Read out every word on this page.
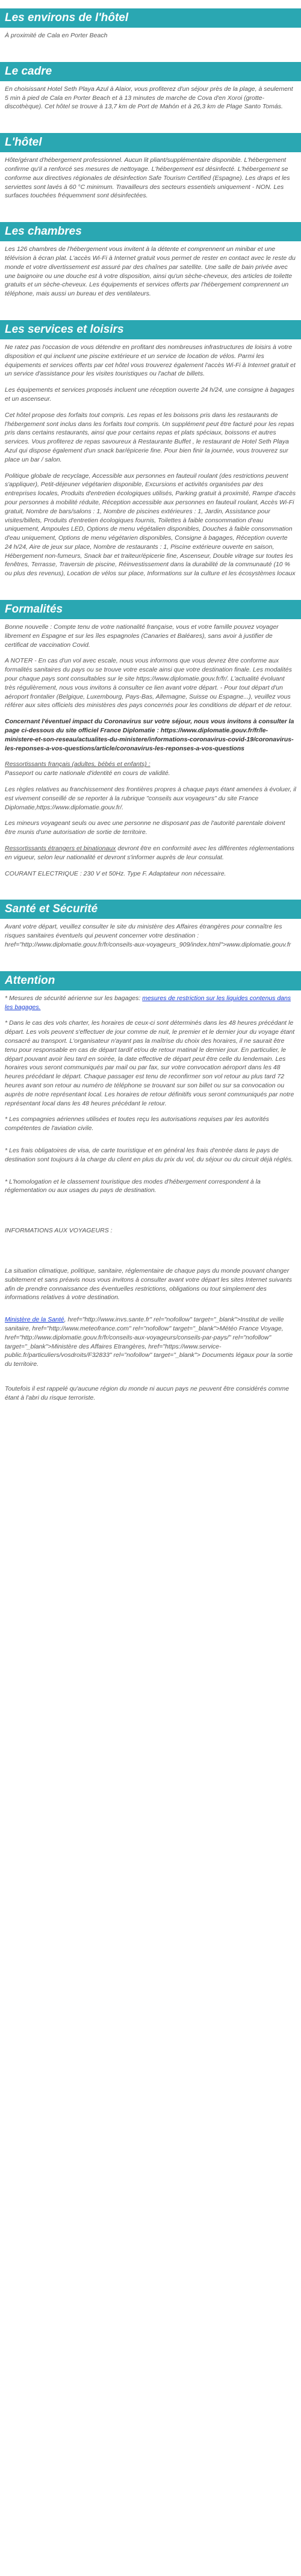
Les environs de l'hôtel

À proximité de Cala en Porter Beach

Le cadre

En choisissant Hotel Seth Playa Azul à Alaior, vous profiterez d'un séjour près de la plage, à seulement 5 min à pied de Cala en Porter Beach et à 13 minutes de marche de Cova d'en Xoroi (grotte-discothèque). Cet hôtel se trouve à 13,7 km de Port de Mahón et à 26,3 km de Plage Santo Tomás.

L'hôtel

Hôte/gérant d'hébergement professionnel. Aucun lit pliant/supplémentaire disponible. L'hébergement confirme qu'il a renforcé ses mesures de nettoyage. L'hébergement est désinfecté. L'hébergement se conforme aux directives régionales de désinfection Safe Tourism Certified (Espagne). Les draps et les serviettes sont lavés à 60 °C minimum. Travailleurs des secteurs essentiels uniquement - NON. Les surfaces touchées fréquemment sont désinfectées.

Les chambres

Les 126 chambres de l'hébergement vous invitent à la détente et comprennent un minibar et une télévision à écran plat. L'accès Wi-Fi à Internet gratuit vous permet de rester en contact avec le reste du monde et votre divertissement est assuré par des chaînes par satellite. Une salle de bain privée avec une baignoire ou une douche est à votre disposition, ainsi qu'un sèche-cheveux, des articles de toilette gratuits et un sèche-cheveux. Les équipements et services offerts par l'hébergement comprennent un téléphone, mais aussi un bureau et des ventilateurs.

Les services et loisirs

Ne ratez pas l'occasion de vous détendre en profitant des nombreuses infrastructures de loisirs à votre disposition et qui incluent une piscine extérieure et un service de location de vélos. Parmi les équipements et services offerts par cet hôtel vous trouverez également l'accès Wi-Fi à Internet gratuit et un service d'assistance pour les visites touristiques ou l'achat de billets.

Les équipements et services proposés incluent une réception ouverte 24 h/24, une consigne à bagages et un ascenseur.

Cet hôtel propose des forfaits tout compris. Les repas et les boissons pris dans les restaurants de l'hébergement sont inclus dans les forfaits tout compris. Un supplément peut être facturé pour les repas pris dans certains restaurants, ainsi que pour certains repas et plats spéciaux, boissons et autres services. Vous profiterez de repas savoureux à Restaurante Buffet , le restaurant de Hotel Seth Playa Azul qui dispose également d'un snack bar/épicerie fine. Pour bien finir la journée, vous trouverez sur place un bar / salon.

Politique globale de recyclage, Accessible aux personnes en fauteuil roulant (des restrictions peuvent s'appliquer), Petit-déjeuner végétarien disponible, Excursions et activités organisées par des entreprises locales, Produits d'entretien écologiques utilisés, Parking gratuit à proximité, Rampe d'accès pour personnes à mobilité réduite, Réception accessible aux personnes en fauteuil roulant, Accès Wi-Fi gratuit, Nombre de bars/salons : 1, Nombre de piscines extérieures : 1, Jardin, Assistance pour visites/billets, Produits d'entretien écologiques fournis, Toilettes à faible consommation d'eau uniquement, Ampoules LED, Options de menu végétalien disponibles, Douches à faible consommation d'eau uniquement, Options de menu végétarien disponibles, Consigne à bagages, Réception ouverte 24 h/24, Aire de jeux sur place, Nombre de restaurants : 1, Piscine extérieure ouverte en saison, Hébergement non-fumeurs, Snack bar et traiteur/épicerie fine, Ascenseur, Double vitrage sur toutes les fenêtres, Terrasse, Traversin de piscine, Réinvestissement dans la durabilité de la communauté (10 % ou plus des revenus), Location de vélos sur place, Informations sur la culture et les écosystèmes locaux

Formalités

Bonne nouvelle : Compte tenu de votre nationalité française, vous et votre famille pouvez voyager librement en Espagne et sur les îles espagnoles (Canaries et Baléares), sans avoir à justifier de certificat de vaccination Covid.

A NOTER - En cas d'un vol avec escale, nous vous informons que vous devrez être conforme aux formalités sanitaires du pays ou se trouve votre escale ainsi que votre destination finale. Les modalités pour chaque pays sont consultables sur le site https://www.diplomatie.gouv.fr/fr/. L'actualité évoluant très régulièrement, nous vous invitons à consulter ce lien avant votre départ. - Pour tout départ d'un aéroport frontalier (Belgique, Luxembourg, Pays-Bas, Allemagne, Suisse ou Espagne...), veuillez vous référer aux sites officiels des ministères des pays concernés pour les conditions de départ et de retour.

Concernant l'éventuel impact du Coronavirus sur votre séjour, nous vous invitons à consulter la page ci-dessous du site officiel France Diplomatie : https://www.diplomatie.gouv.fr/fr/le-ministere-et-son-reseau/actualites-du-ministere/informations-coronavirus-covid-19/coronavirus-les-reponses-a-vos-questions/article/coronavirus-les-reponses-a-vos-questions

Ressortissants français (adultes, bébés et enfants) :
Passeport ou carte nationale d'identité en cours de validité.

Les règles relatives au franchissement des frontières propres à chaque pays étant amenées à évoluer, il est vivement conseillé de se reporter à la rubrique "conseils aux voyageurs" du site France Diplomatie,https://www.diplomatie.gouv.fr/.

Les mineurs voyageant seuls ou avec une personne ne disposant pas de l'autorité parentale doivent être munis d'une autorisation de sortie de territoire.

Ressortissants étrangers et binationaux devront être en conformité avec les différentes réglementations en vigueur, selon leur nationalité et devront s'informer auprès de leur consulat.

COURANT ELECTRIQUE : 230 V et 50Hz. Type F. Adaptateur non nécessaire.

Santé et Sécurité

Avant votre départ, veuillez consulter le site du ministère des Affaires étrangères pour connaître les risques sanitaires éventuels qui peuvent concerner votre destination : href="http://www.diplomatie.gouv.fr/fr/conseils-aux-voyageurs_909/index.html">www.diplomatie.gouv.fr

Attention

* Mesures de sécurité aérienne sur les bagages: mesures de restriction sur les liquides contenus dans les bagages.

* Dans le cas des vols charter, les horaires de ceux-ci sont déterminés dans les 48 heures précédant le départ. Les vols peuvent s'effectuer de jour comme de nuit, le premier et le dernier jour du voyage étant consacré au transport. L'organisateur n'ayant pas la maîtrise du choix des horaires, il ne saurait être tenu pour responsable en cas de départ tardif et/ou de retour matinal le dernier jour. En particulier, le départ pouvant avoir lieu tard en soirée, la date effective de départ peut être celle du lendemain. Les horaires vous seront communiqués par mail ou par fax, sur votre convocation aéroport dans les 48 heures précédant le départ. Chaque passager est tenu de reconfirmer son vol retour au plus tard 72 heures avant son retour au numéro de téléphone se trouvant sur son billet ou sur sa convocation ou auprès de notre représentant local. Les horaires de retour définitifs vous seront communiqués par notre représentant local dans les 48 heures précédant le retour.

* Les compagnies aériennes utilisées et toutes reçu les autorisations requises par les autorités compétentes de l'aviation civile.

* Les frais obligatoires de visa, de carte touristique et en général les frais d'entrée dans le pays de destination sont toujours à la charge du client en plus du prix du vol, du séjour ou du circuit déjà réglés.

* L'homologation et le classement touristique des modes d'hébergement correspondent à la réglementation ou aux usages du pays de destination.

INFORMATIONS AUX VOYAGEURS :

La situation climatique, politique, sanitaire, réglementaire de chaque pays du monde pouvant changer subitement et sans préavis nous vous invitons à consulter avant votre départ les sites Internet suivants afin de prendre connaissance des éventuelles restrictions, obligations ou tout simplement des informations relatives à votre destination.

Ministère de la Santé, href="http://www.invs.sante.fr" rel="nofollow" target="_blank">Institut de veille sanitaire, href="http://www.meteofrance.com" rel="nofollow" target="_blank">Météo France Voyage, href="http://www.diplomatie.gouv.fr/fr/conseils-aux-voyageurs/conseils-par-pays/" rel="nofollow" target="_blank">Ministère des Affaires Etrangères, href="https://www.service-public.fr/particuliers/vosdroits/F32833" rel="nofollow" target="_blank"> Documents légaux pour la sortie du territoire.

Toutefois il est rappelé qu'aucune région du monde ni aucun pays ne peuvent être considérés comme étant à l'abri du risque terroriste.
